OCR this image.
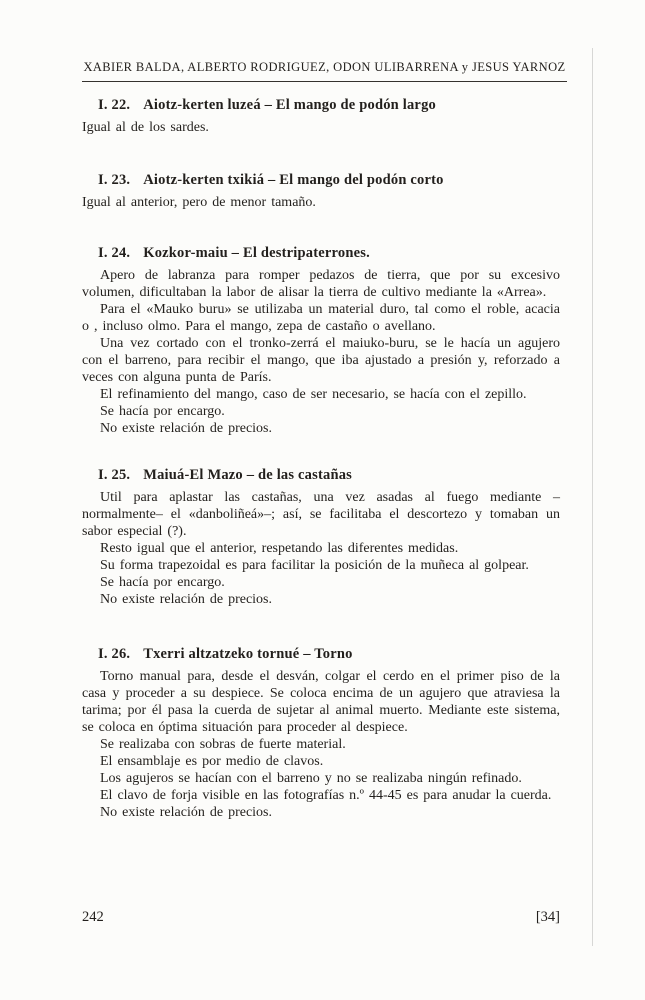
XABIER BALDA, ALBERTO RODRIGUEZ, ODON ULIBARRENA y JESUS YARNOZ
I. 22. Aiotz-kerten luzeá – El mango de podón largo

Igual al de los sardes.

I. 23. Aiotz-kerten txikiá – El mango del podón corto

Igual al anterior, pero de menor tamaño.

I. 24. Kozkor-maiu – El destripaterrones.

Apero de labranza para romper pedazos de tierra, que por su excesivo volumen, dificultaban la labor de alisar la tierra de cultivo mediante la «Arrea».

Para el «Mauko buru» se utilizaba un material duro, tal como el roble, acacia o , incluso olmo. Para el mango, zepa de castaño o avellano.

Una vez cortado con el tronko-zerrá el maiuko-buru, se le hacía un agujero con el barreno, para recibir el mango, que iba ajustado a presión y, reforzado a veces con alguna punta de París.

El refinamiento del mango, caso de ser necesario, se hacía con el zepillo.

Se hacía por encargo.

No existe relación de precios.

I. 25. Maiuá-El Mazo – de las castañas

Util para aplastar las castañas, una vez asadas al fuego mediante –normalmente– el «danboliñeá»–; así, se facilitaba el descortezo y tomaban un sabor especial (?).

Resto igual que el anterior, respetando las diferentes medidas.

Su forma trapezoidal es para facilitar la posición de la muñeca al golpear.

Se hacía por encargo.

No existe relación de precios.

I. 26. Txerri altzatzeko tornué – Torno

Torno manual para, desde el desván, colgar el cerdo en el primer piso de la casa y proceder a su despiece. Se coloca encima de un agujero que atraviesa la tarima; por él pasa la cuerda de sujetar al animal muerto. Mediante este sistema, se coloca en óptima situación para proceder al despiece.

Se realizaba con sobras de fuerte material.

El ensamblaje es por medio de clavos.

Los agujeros se hacían con el barreno y no se realizaba ningún refinado.

El clavo de forja visible en las fotografías n.º 44-45 es para anudar la cuerda.

No existe relación de precios.

242	[34]
